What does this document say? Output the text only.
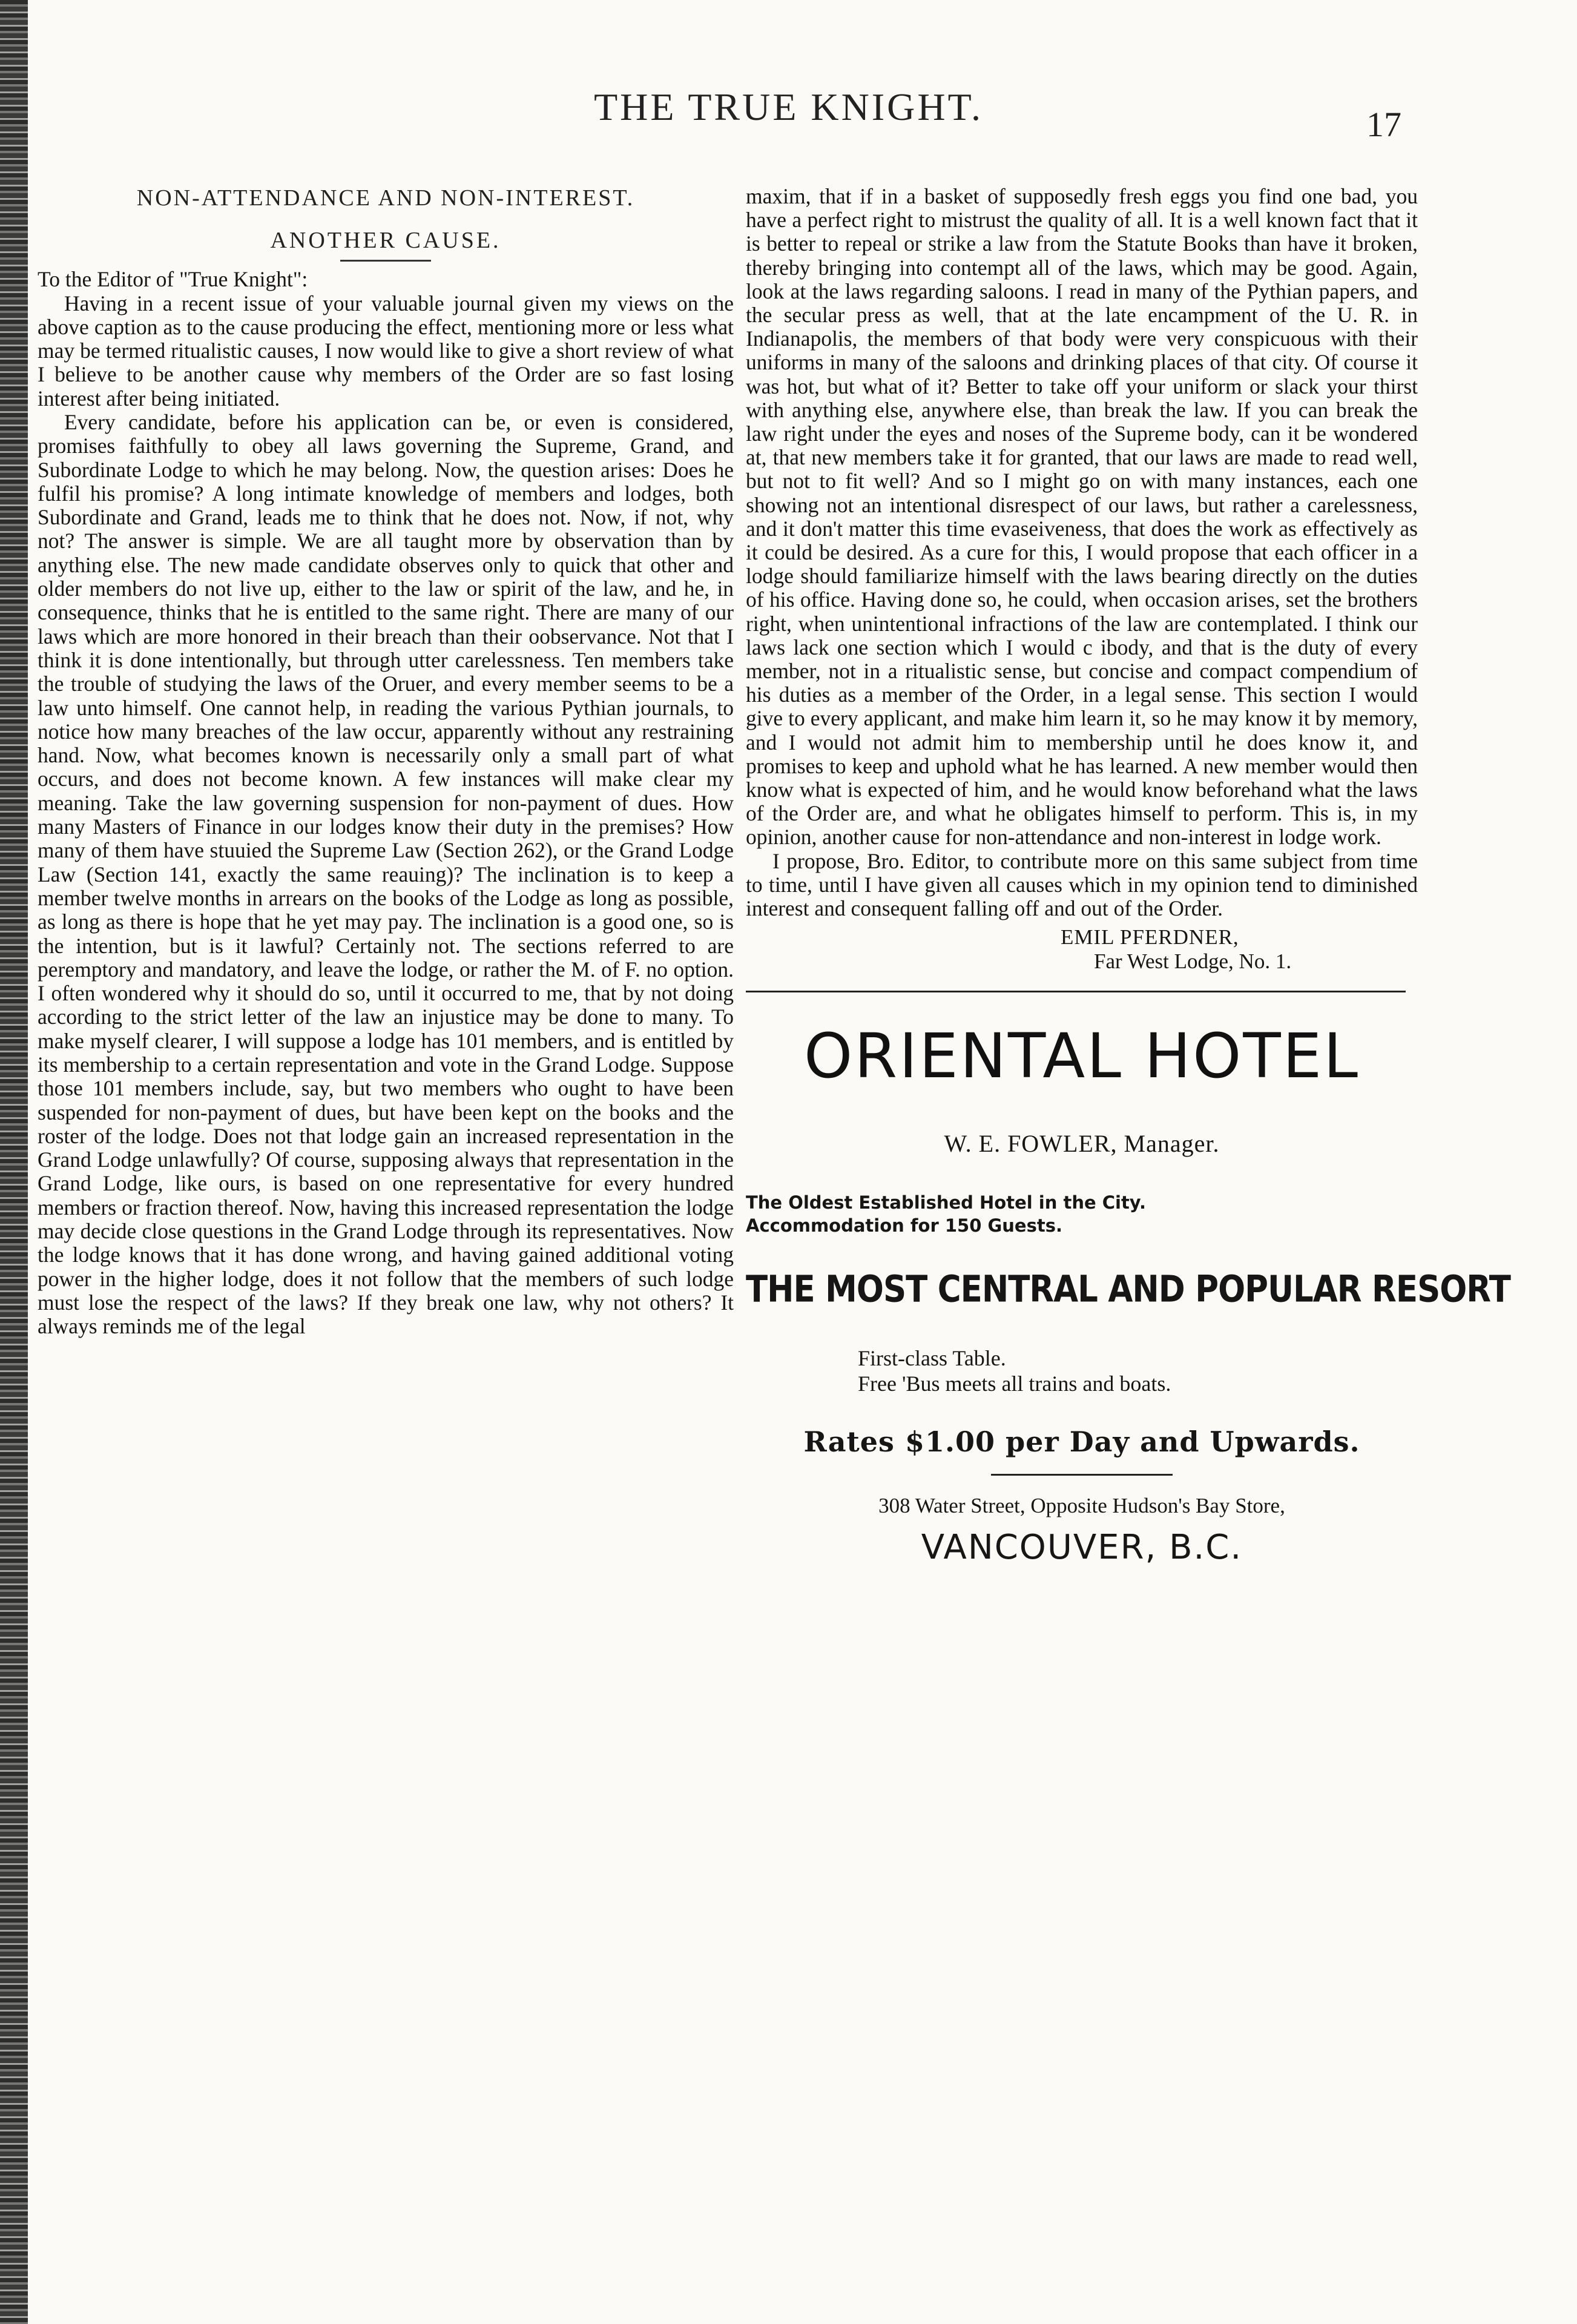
THE TRUE KNIGHT.	17
NON-ATTENDANCE AND NON-INTEREST.
ANOTHER CAUSE.

To the Editor of "True Knight":

Having in a recent issue of your valuable journal given my views on the above caption as to the cause producing the effect, mentioning more or less what may be termed ritualistic causes, I now would like to give a short review of what I believe to be another cause why members of the Order are so fast losing interest after being initiated.

Every candidate, before his application can be, or even is considered, promises faithfully to obey all laws governing the Supreme, Grand, and Subordinate Lodge to which he may belong. Now, the question arises: Does he fulfil his promise? A long intimate knowledge of members and lodges, both Subordinate and Grand, leads me to think that he does not. Now, if not, why not? The answer is simple. We are all taught more by observation than by anything else. The new made candidate observes only to quick that other and older members do not live up, either to the law or spirit of the law, and he, in consequence, thinks that he is entitled to the same right. There are many of our laws which are more honored in their breach than their oobservance. Not that I think it is done intentionally, but through utter carelessness. Ten members take the trouble of studying the laws of the Oruer, and every member seems to be a law unto himself. One cannot help, in reading the various Pythian journals, to notice how many breaches of the law occur, apparently without any restraining hand. Now, what becomes known is necessarily only a small part of what occurs, and does not become known. A few instances will make clear my meaning. Take the law governing suspension for non-payment of dues. How many Masters of Finance in our lodges know their duty in the premises? How many of them have stuuied the Supreme Law (Section 262), or the Grand Lodge Law (Section 141, exactly the same reauing)? The inclination is to keep a member twelve months in arrears on the books of the Lodge as long as possible, as long as there is hope that he yet may pay. The inclination is a good one, so is the intention, but is it lawful? Certainly not. The sections referred to are peremptory and mandatory, and leave the lodge, or rather the M. of F. no option. I often wondered why it should do so, until it occurred to me, that by not doing according to the strict letter of the law an injustice may be done to many. To make myself clearer, I will suppose a lodge has 101 members, and is entitled by its membership to a certain representation and vote in the Grand Lodge. Suppose those 101 members include, say, but two members who ought to have been suspended for non-payment of dues, but have been kept on the books and the roster of the lodge. Does not that lodge gain an increased representation in the Grand Lodge unlawfully? Of course, supposing always that representation in the Grand Lodge, like ours, is based on one representative for every hundred members or fraction thereof. Now, having this increased representation the lodge may decide close questions in the Grand Lodge through its representatives. Now the lodge knows that it has done wrong, and having gained additional voting power in the higher lodge, does it not follow that the members of such lodge must lose the respect of the laws? If they break one law, why not others? It always reminds me of the legal

maxim, that if in a basket of supposedly fresh eggs you find one bad, you have a perfect right to mistrust the quality of all. It is a well known fact that it is better to repeal or strike a law from the Statute Books than have it broken, thereby bringing into contempt all of the laws, which may be good. Again, look at the laws regarding saloons. I read in many of the Pythian papers, and the secular press as well, that at the late encampment of the U. R. in Indianapolis, the members of that body were very conspicuous with their uniforms in many of the saloons and drinking places of that city. Of course it was hot, but what of it? Better to take off your uniform or slack your thirst with anything else, anywhere else, than break the law. If you can break the law right under the eyes and noses of the Supreme body, can it be wondered at, that new members take it for granted, that our laws are made to read well, but not to fit well? And so I might go on with many instances, each one showing not an intentional disrespect of our laws, but rather a carelessness, and it don't matter this time evaseiveness, that does the work as effectively as it could be desired. As a cure for this, I would propose that each officer in a lodge should familiarize himself with the laws bearing directly on the duties of his office. Having done so, he could, when occasion arises, set the brothers right, when unintentional infractions of the law are contemplated. I think our laws lack one section which I would c ibody, and that is the duty of every member, not in a ritualistic sense, but concise and compact compendium of his duties as a member of the Order, in a legal sense. This section I would give to every applicant, and make him learn it, so he may know it by memory, and I would not admit him to membership until he does know it, and promises to keep and uphold what he has learned. A new member would then know what is expected of him, and he would know beforehand what the laws of the Order are, and what he obligates himself to perform. This is, in my opinion, another cause for non-attendance and non-interest in lodge work.

I propose, Bro. Editor, to contribute more on this same subject from time to time, until I have given all causes which in my opinion tend to diminished interest and consequent falling off and out of the Order.

EMIL PFERDNER,
Far West Lodge, No. 1.
ORIENTAL HOTEL
W. E. FOWLER, Manager.
The Oldest Established Hotel in the City.
Accommodation for 150 Guests.
THE MOST CENTRAL AND POPULAR RESORT
First-class Table.
Free 'Bus meets all trains and boats.
Rates $1.00 per Day and Upwards.
308 Water Street, Opposite Hudson's Bay Store,
VANCOUVER, B.C.
